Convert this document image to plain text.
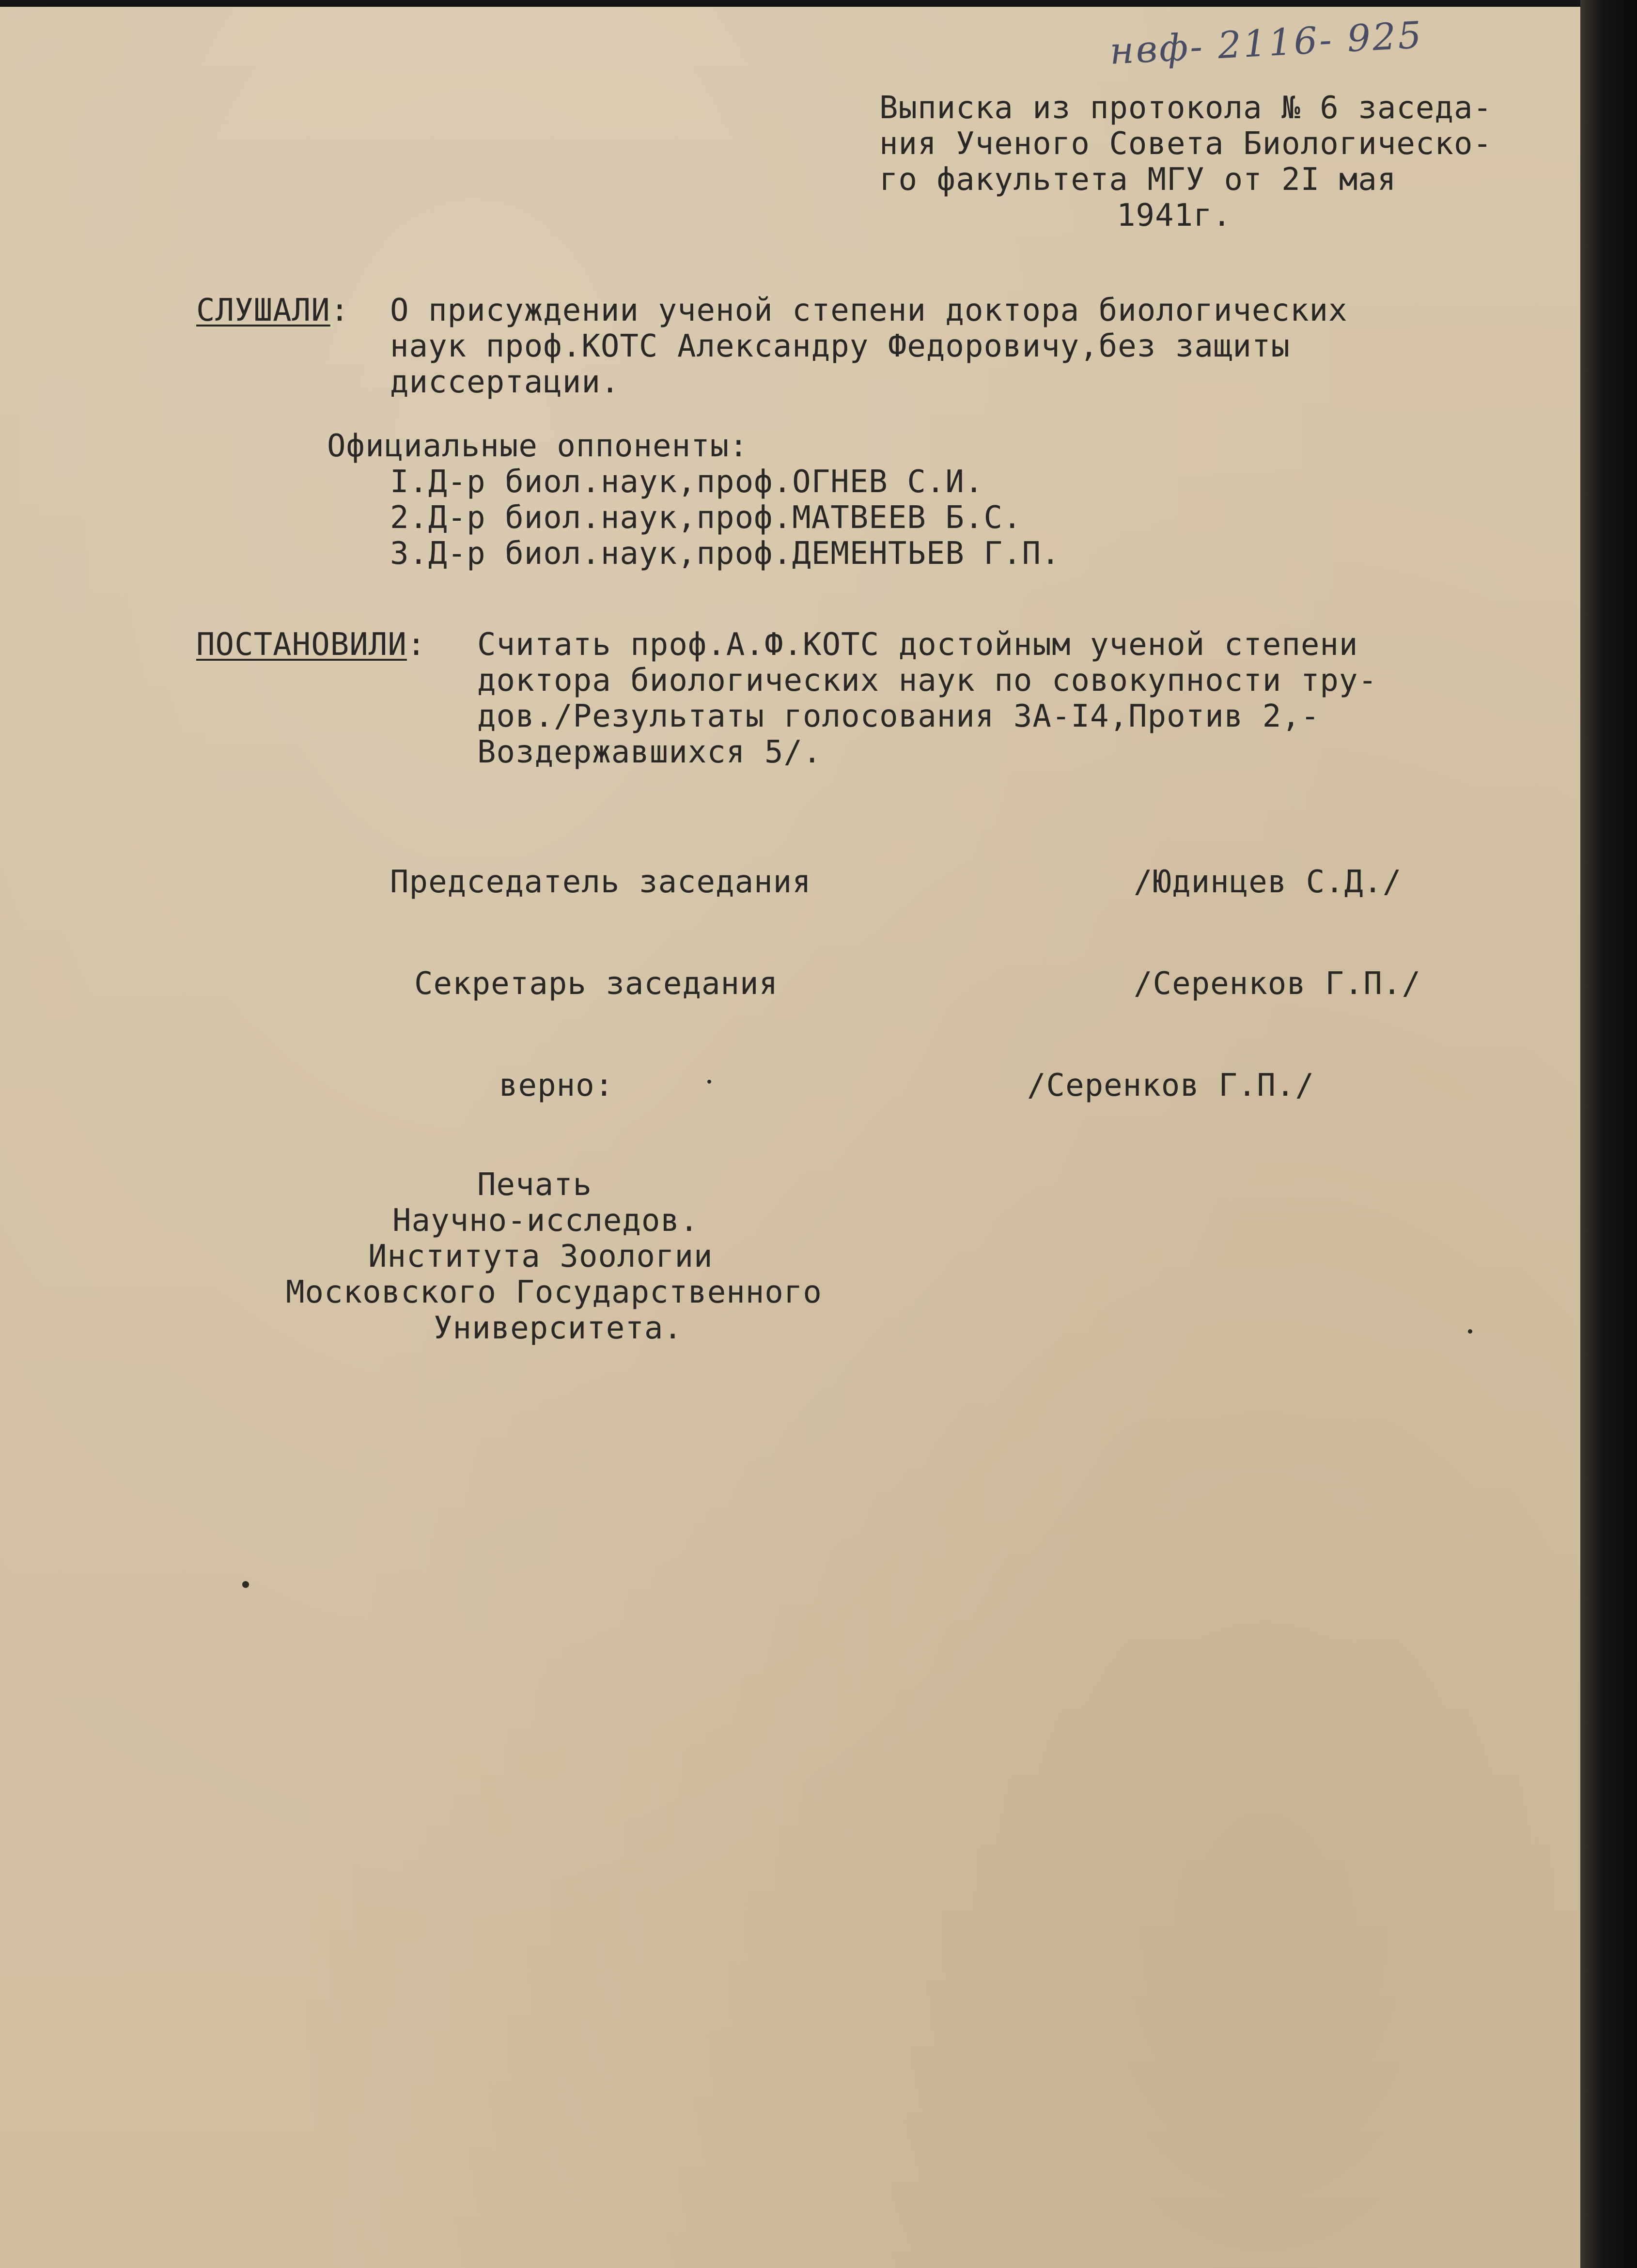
нвф- 2116- 925

Выписка из протокола № 6 заседа-

ния Ученого Совета Биологическо-

го факультета МГУ от 2I мая

1941г.

СЛУШАЛИ: О присуждении ученой степени доктора биологических

наук проф.КОТС Александру Федоровичу,без защиты

диссертации.

Официальные оппоненты:

I.Д-р биол.наук,проф.ОГНЕВ С.И.

2.Д-р биол.наук,проф.МАТВЕЕВ Б.С.

3.Д-р биол.наук,проф.ДЕМЕНТЬЕВ Г.П.

ПОСТАНОВИЛИ: Считать проф.А.Ф.КОТС достойным ученой степени

доктора биологических наук по совокупности тру-

дов./Результаты голосования ЗА-I4,Против 2,-

Воздержавшихся 5/.

Председатель заседания	/Юдинцев С.Д./

Секретарь заседания	/Серенков Г.П./

верно:	/Серенков Г.П./

Печать

Научно-исследов.

Института Зоологии

Московского Государственного

Университета.
